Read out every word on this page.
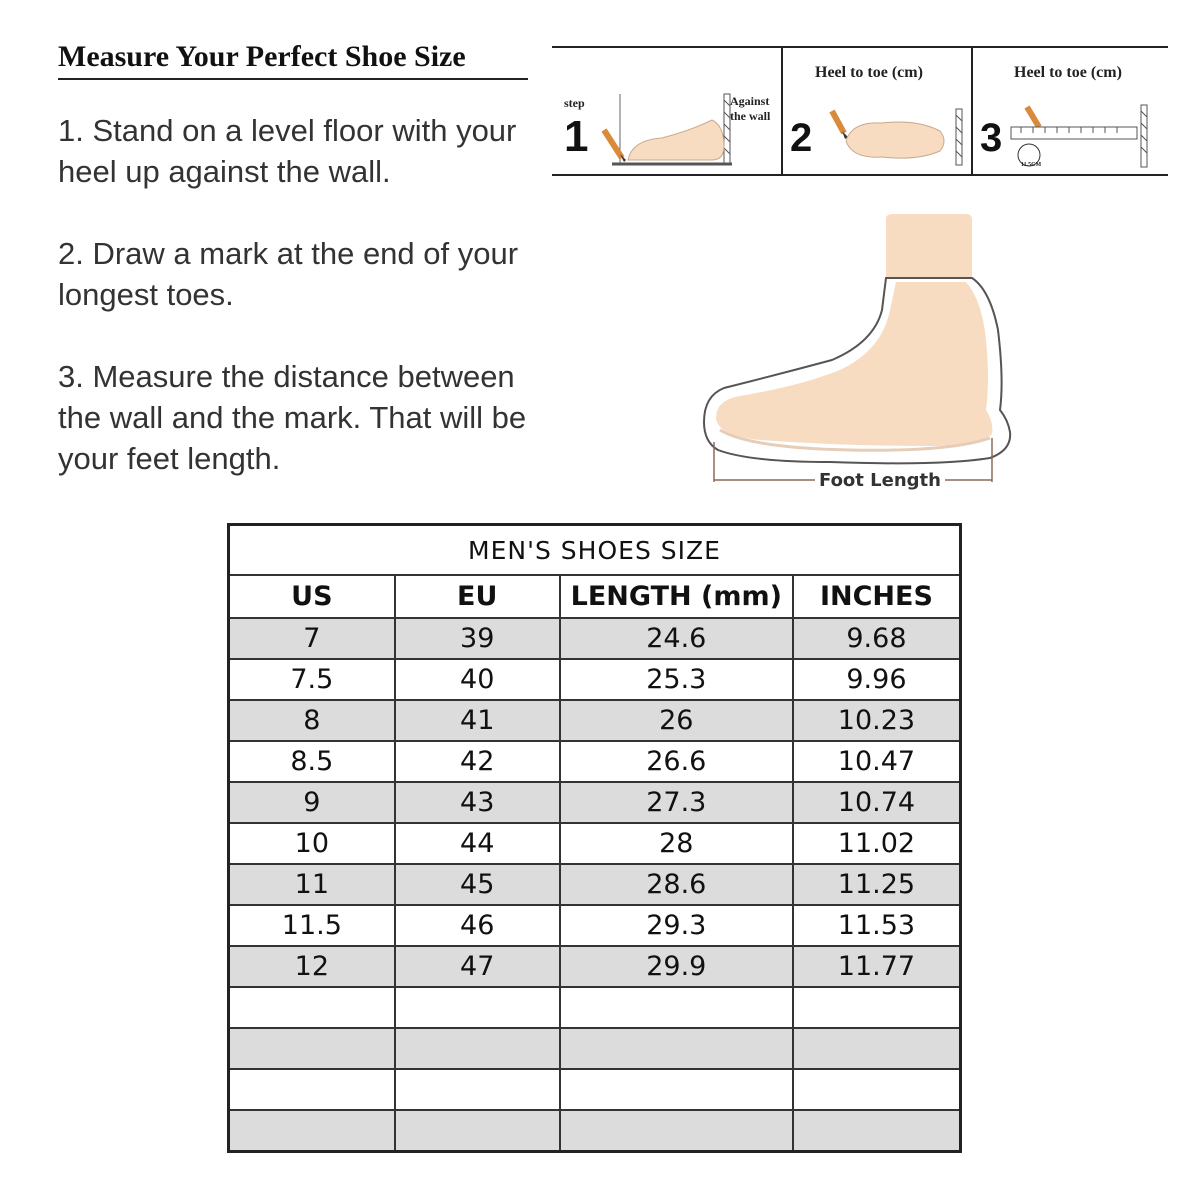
Measure Your Perfect Shoe Size

1. Stand on a level floor with your heel up against the wall.

2. Draw a mark at the end of your longest toes.

3. Measure the distance between the wall and the mark. That will be your feet length.

step
1
Against
the wall
Heel to toe (cm)
2
Heel to toe (cm)
3
11.5CM
Foot Length
MEN'S SHOES SIZE			
US	EU	LENGTH (mm)	INCHES
7	39	24.6	9.68
7.5	40	25.3	9.96
8	41	26	10.23
8.5	42	26.6	10.47
9	43	27.3	10.74
10	44	28	11.02
11	45	28.6	11.25
11.5	46	29.3	11.53
12	47	29.9	11.77
